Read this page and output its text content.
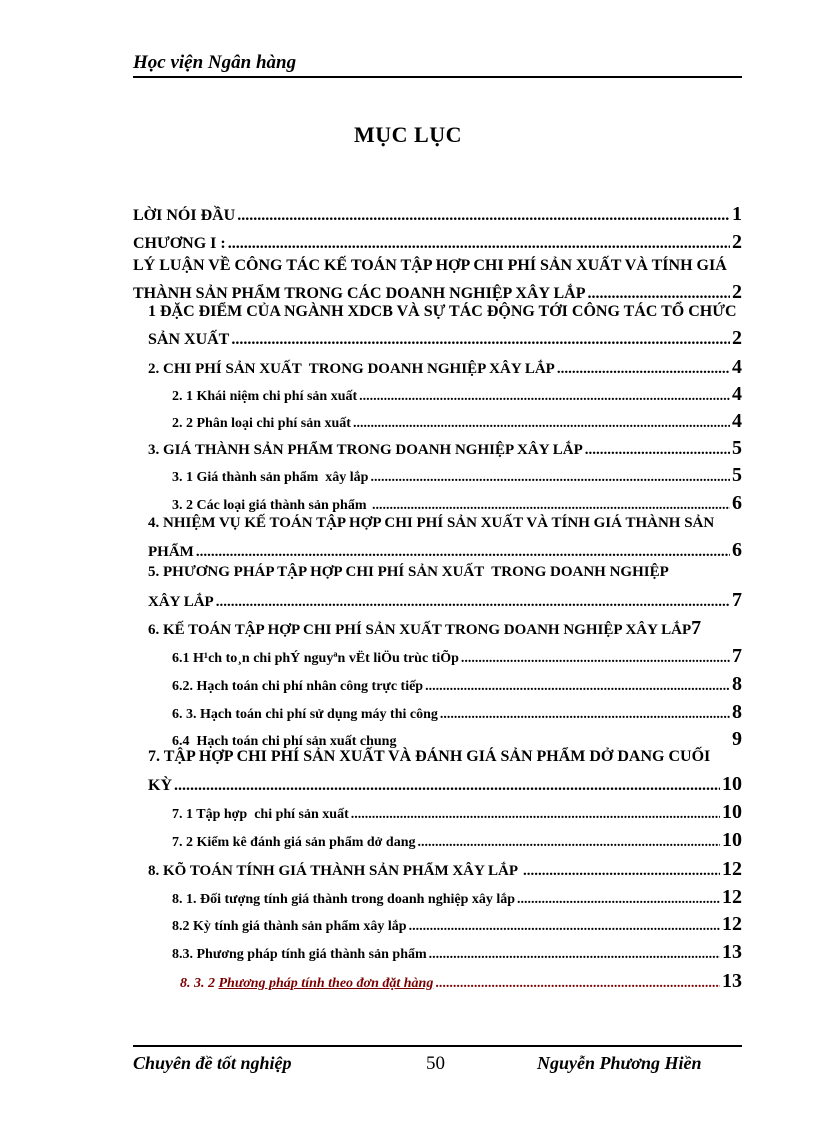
Học viện Ngân hàng
MỤC LỤC
LỜI NÓI ĐẦU .....	1
CHƯƠNG I : .....	2
LÝ LUẬN VỀ CÔNG TÁC KẾ TOÁN TẬP HỢP CHI PHÍ SẢN XUẤT VÀ TÍNH GIÁ
THÀNH SẢN PHẨM TRONG CÁC DOANH NGHIỆP XÂY LẮP .....	2
1 ĐẶC ĐIỂM CỦA NGÀNH XDCB VÀ SỰ TÁC ĐỘNG TỚI CÔNG TÁC TỔ CHỨC
SẢN XUẤT .....	2
2. CHI PHÍ SẢN XUẤT  TRONG DOANH NGHIỆP XÂY LẮP .....	4
2. 1 Khái niệm chi phí sản xuất .....	4
2. 2 Phân loại chi phí sản xuất .....	4
3. GIÁ THÀNH SẢN PHẨM TRONG DOANH NGHIỆP XÂY LẮP .....	5
3. 1 Giá thành sản phẩm  xây lắp .....	5
3. 2 Các loại giá thành sản phẩm .....	6
4. NHIỆM VỤ KẾ TOÁN TẬP HỢP CHI PHÍ SẢN XUẤT VÀ TÍNH GIÁ THÀNH SẢN
PHẨM .....	6
5. PHƯƠNG PHÁP TẬP HỢP CHI PHÍ SẢN XUẤT  TRONG DOANH NGHIỆP
XÂY LẮP .....	7
6. KẾ TOÁN TẬP HỢP CHI PHÍ SẢN XUẤT TRONG DOANH NGHIỆP XÂY LẮP 7
6.1 H¹ch to¸n chi phÝ nguyªn vËt liÖu trùc tiÕp .....	7
6.2. Hạch toán chi phí nhân công trực tiếp .....	8
6. 3. Hạch toán chi phí sử dụng máy thi công .....	8
6.4  Hạch toán chi phí sản xuất chung	9
7. TẬP HỢP CHI PHÍ SẢN XUẤT VÀ ĐÁNH GIÁ SẢN PHẨM DỞ DANG CUỐI
KỲ .....	10
7. 1 Tập hợp  chi phí sản xuất .....	10
7. 2 Kiểm kê đánh giá sản phẩm dở dang .....	10
8. KÕ TOÁN TÍNH GIÁ THÀNH SẢN PHẨM XÂY LẮP .....	12
8. 1. Đối tượng tính giá thành trong doanh nghiệp xây lắp .....	12
8.2 Kỳ tính giá thành sản phẩm xây lắp .....	12
8.3. Phương pháp tính giá thành sản phẩm .....	13
8. 3. 2 Phương pháp tính theo đơn đặt hàng .....	13
Chuyên đề tốt nghiệp	50	Nguyễn Phương Hiền
